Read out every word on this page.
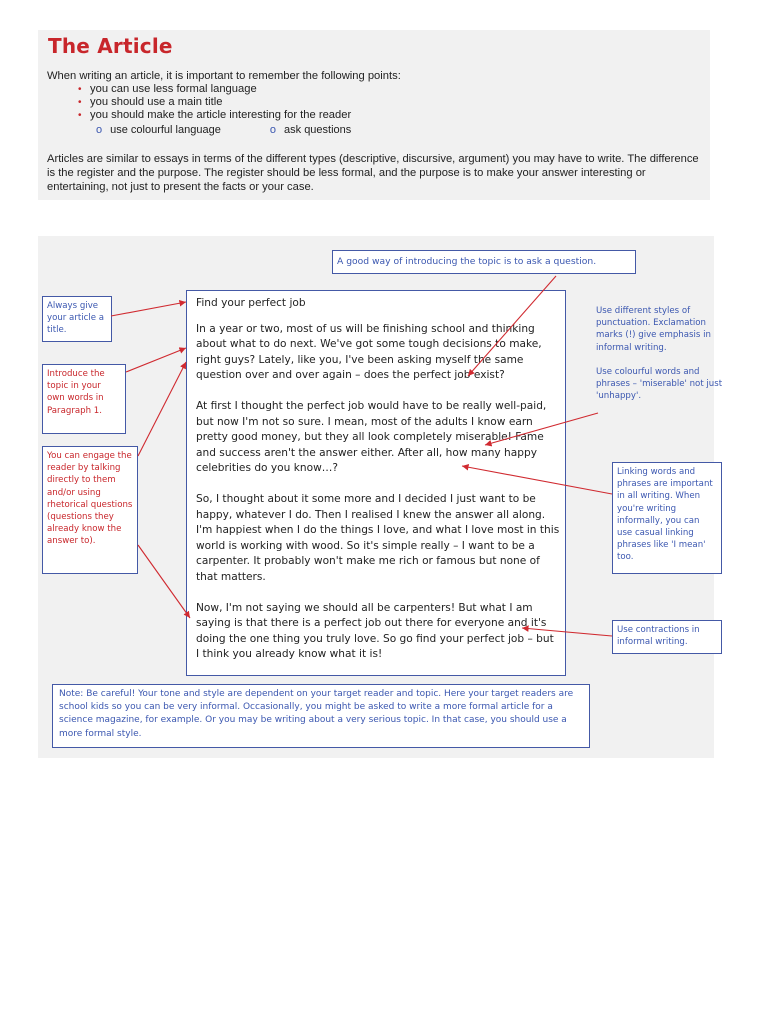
The Article
When writing an article, it is important to remember the following points:
• you can use less formal language
• you should use a main title
• you should make the article interesting for the reader
o use colourful language	o ask questions
Articles are similar to essays in terms of the different types (descriptive, discursive, argument) you may have to write. The difference is the register and the purpose. The register should be less formal, and the purpose is to make your answer interesting or entertaining, not just to present the facts or your case.
A good way of introducing the topic is to ask a question.
Always give your article a title.
Introduce the topic in your own words in Paragraph 1.
You can engage the reader by talking directly to them and/or using rhetorical questions (questions they already know the answer to).

Find your perfect job

In a year or two, most of us will be finishing school and thinking about what to do next. We've got some tough decisions to make, right guys? Lately, like you, I've been asking myself the same question over and over again – does the perfect job exist?

At first I thought the perfect job would have to be really well-paid, but now I'm not so sure. I mean, most of the adults I know earn pretty good money, but they all look completely miserable! Fame and success aren't the answer either. After all, how many happy celebrities do you know…?

So, I thought about it some more and I decided I just want to be happy, whatever I do. Then I realised I knew the answer all along. I'm happiest when I do the things I love, and what I love most in this world is working with wood. So it's simple really – I want to be a carpenter. It probably won't make me rich or famous but none of that matters.

Now, I'm not saying we should all be carpenters! But what I am saying is that there is a perfect job out there for everyone and it's doing the one thing you truly love. So go find your perfect job – but I think you already know what it is!

Use different styles of punctuation. Exclamation marks (!) give emphasis in informal writing.
Use colourful words and phrases – 'miserable' not just 'unhappy'.
Linking words and phrases are important in all writing. When you're writing informally, you can use casual linking phrases like 'I mean' too.
Use contractions in informal writing.
Note: Be careful! Your tone and style are dependent on your target reader and topic. Here your target readers are school kids so you can be very informal. Occasionally, you might be asked to write a more formal article for a science magazine, for example. Or you may be writing about a very serious topic. In that case, you should use a more formal style.
